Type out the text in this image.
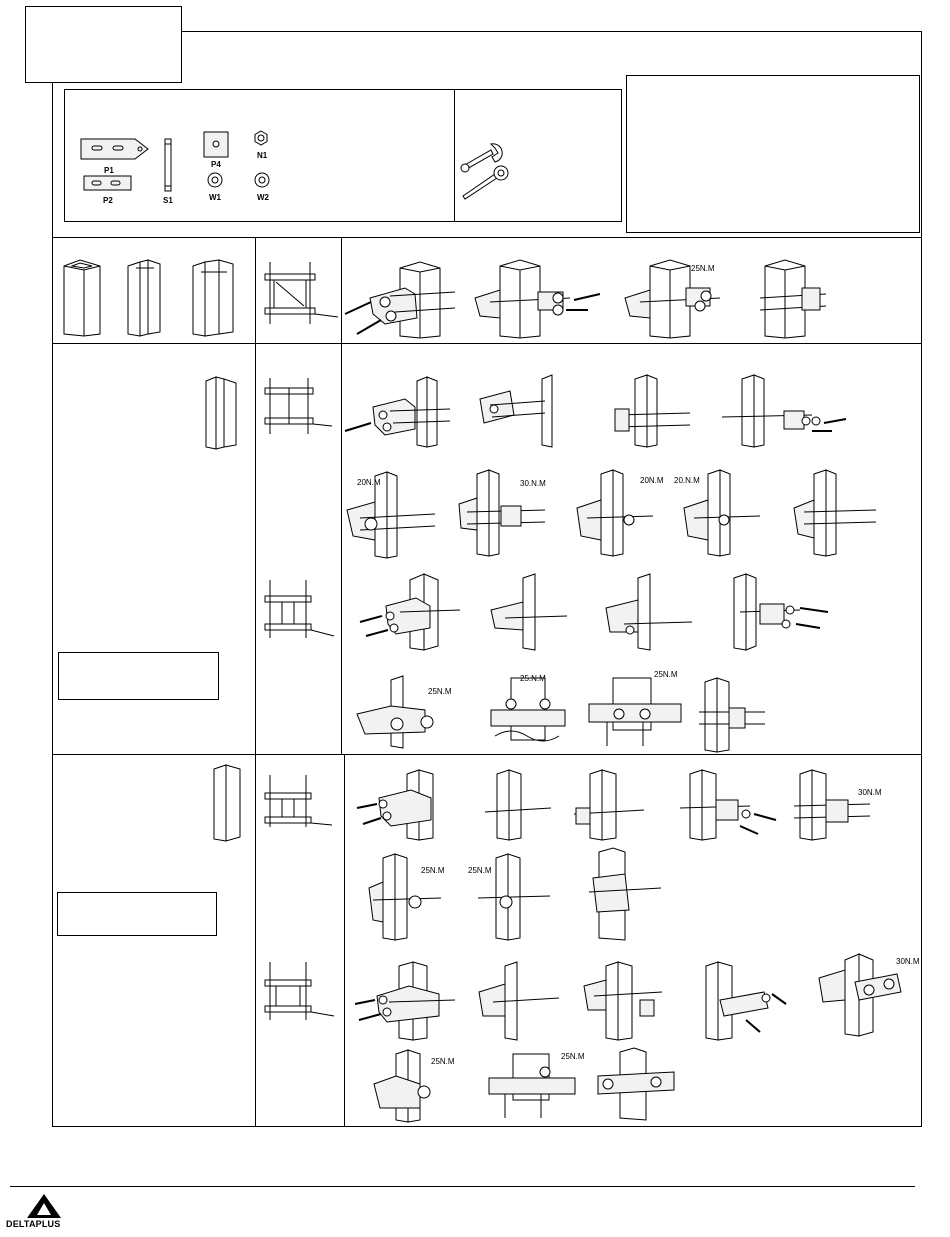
P1
P2	S1
P4
W1
N1
W2
25N.M
20N.M	30.N.M	20N.M 20.N.M
25N.M
25.N.M	25N.M
30N.M
25N.M	25N.M
30N.M
25N.M
25N.M
DELTAPLUS
